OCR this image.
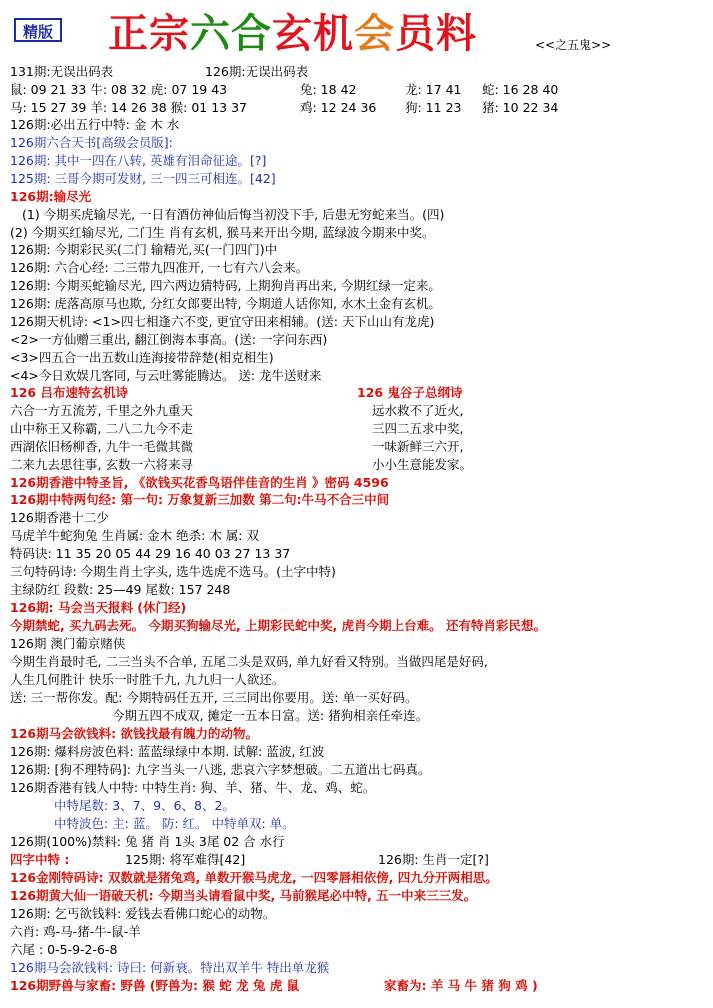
精版 正宗六合玄机会员料	<<之五鬼>>
131期:无误出码表	126期:无误出码表
鼠: 09 21 33 牛: 08 32 虎: 07 19 43	兔: 18 42	龙: 17 41 蛇: 16 28 40
马: 15 27 39 羊: 14 26 38 猴: 01 13 37	鸡: 12 24 36 狗: 11 23 猪: 10 22 34
126期:必出五行中特: 金 木 水
126期六合天书[高级会员版]:
126期: 其中一四在八转, 英雄有泪命征途。[?]
125期: 三哥今期可发财, 三一四三可相连。[42]
126期:输尽光
(1) 今期买虎输尽光, 一日有酒仿神仙后悔当初没下手, 后患无穷蛇来当。(四)
(2) 今期买红输尽光, 二门生 肖有玄机, 猴马来开出今期, 蓝绿波今期来中奖。
126期: 今期彩民买(二门 输精光,买(一门四门)中
126期: 六合心经: 二三带九四准开, 一七有六八会来。
126期: 今期买蛇输尽光, 四六两边猜特码, 上期狗肖再出来, 今期红绿一定来。
126期: 虎落高原马也欺, 分红女郎要出特, 今期道人话你知, 水木土金有玄机。
126期天机诗: <1>四七相逢六不变, 更宜守田来相辅。(送: 天下山山有龙虎)
<2>一方仙赠三重出, 翻江倒海本事高。(送: 一字问东西)
<3>四五合一出五数山连海接带辞楚(相克相生)
<4>今日欢娱几客同, 与云吐雾能腾达。 送: 龙牛送财来
126 吕布速特玄机诗	126 鬼谷子总纲诗
六合一方五流芳, 千里之外九重天	远水救不了近火,
山中称王又称霸, 二八二九今不走	三四二五求中奖,
西湖依旧杨柳香, 九牛一毛微其微	一味新鲜三六开,
二来九去思往事, 玄数一六将来寻	小小生意能发家。
126期香港中特圣旨, 《欲钱买花香鸟语伴佳音的生肖 》密码 4596
126期中特两句经: 第一句: 万象复新三加数 第二句:牛马不合三中间
126期香港十二少
马虎羊牛蛇狗兔 生肖属: 金木 绝杀: 木 属: 双
特码诀: 11 35 20 05 44 29 16 40 03 27 13 37
三句特码诗: 今期生肖土字头, 选牛选虎不选马。(土字中特)
主绿防红 段数: 25—49 尾数: 157 248
126期: 马会当天报料 (休门经)
今期禁蛇, 买九码去死。 今期买狗输尽光, 上期彩民蛇中奖, 虎肖今期上台难。 还有特肖彩民想。
126期 澳门葡京赌侠
今期生肖最时毛, 二三当头不合单, 五尾二头是双码, 单九好看又特别。当做四尾是好码,
人生几何胜计 快乐一时胜千九, 九九归一人欲还。
送: 三一帮你发。配: 今期特码任五开, 三三同出你要用。送: 单一买好码。
今期五四不成双, 摊定一五本日富。送: 猪狗相亲任牵连。
126期马会欲钱料: 欲钱找最有魄力的动物。
126期: 爆料房波色料: 蓝蓝绿绿中本期. 试解: 蓝波, 红波
126期: [狗不理特码]: 九字当头一八逃, 悲哀六字梦想破。二五道出七码真。
126期香港有钱人中特: 中特生肖: 狗、羊、猪、牛、龙、鸡、蛇。
中特尾数: 3、7、9、6、8、2。
中特波色: 主: 蓝。 防: 红。 中特单双: 单。
126期(100%)禁料: 兔 猪 肖 1头 3尾 02 合 水行
四字中特 :	125期: 将军难得[42]	126期: 生肖一定[?]
126金刚特码诗: 双数就是猪兔鸡, 单数开猴马虎龙, 一四零唇相依傍, 四九分开两相思。
126期黄大仙一语破天机: 今期当头请看鼠中奖, 马前猴尾必中特, 五一中来三三发。
126期: 乞丐欲钱料: 爱钱去看佛口蛇心的动物。
六肖: 鸡-马-猪-牛-鼠-羊
六尾 : 0-5-9-2-6-8
126期马会欲钱料: 诗曰: 何新衰。特出双羊牛 特出单龙猴
126期野兽与家畜: 野兽 (野兽为: 猴 蛇 龙 兔 虎 鼠	家畜为: 羊 马 牛 猪 狗 鸡 )
